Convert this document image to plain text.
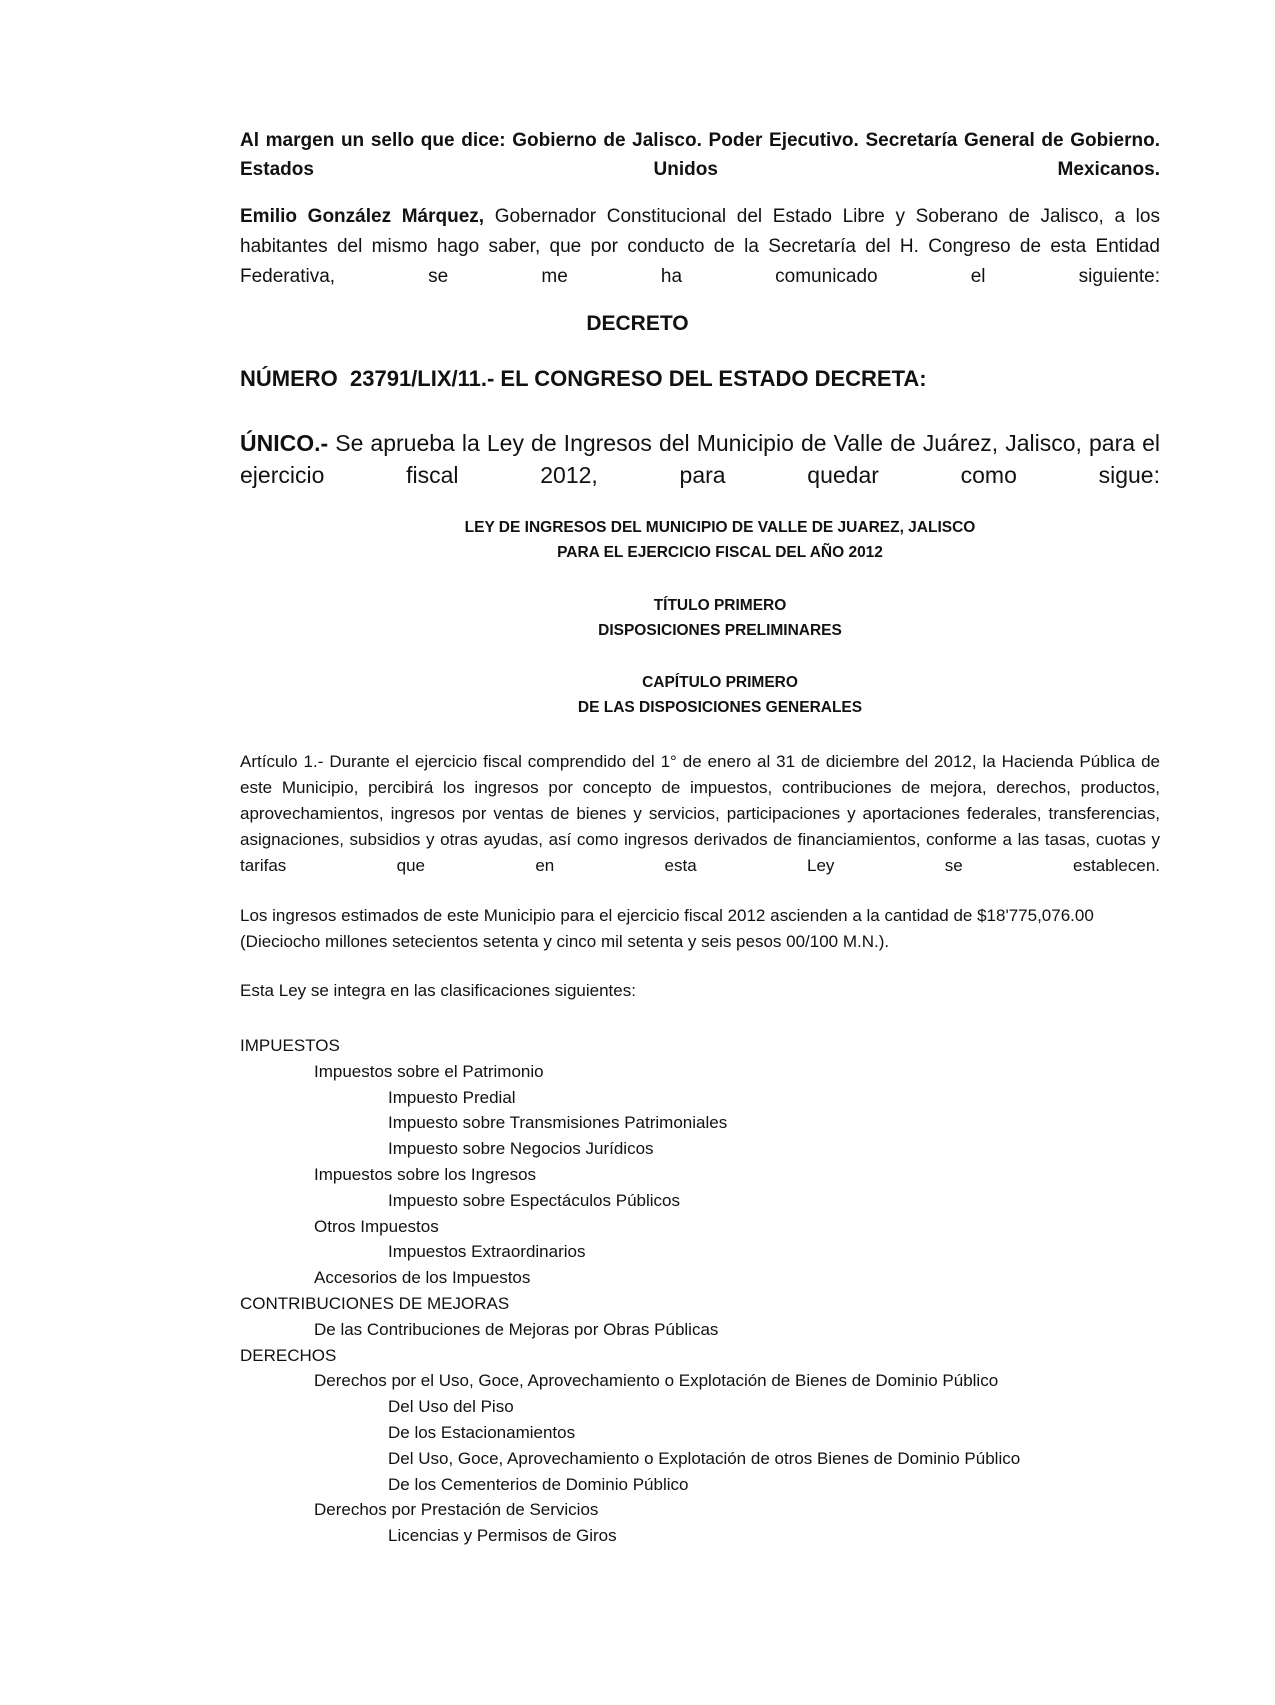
Al margen un sello que dice: Gobierno de Jalisco. Poder Ejecutivo. Secretaría General de Gobierno. Estados Unidos Mexicanos.

Emilio González Márquez, Gobernador Constitucional del Estado Libre y Soberano de Jalisco, a los habitantes del mismo hago saber, que por conducto de la Secretaría del H. Congreso de esta Entidad Federativa, se me ha comunicado el siguiente:

DECRETO
NÚMERO  23791/LIX/11.- EL CONGRESO DEL ESTADO DECRETA:

ÚNICO.- Se aprueba la Ley de Ingresos del Municipio de Valle de Juárez, Jalisco, para el ejercicio fiscal 2012, para quedar como sigue:

LEY DE INGRESOS DEL MUNICIPIO DE VALLE DE JUAREZ, JALISCO
PARA EL EJERCICIO FISCAL DEL AÑO 2012
TÍTULO PRIMERO
DISPOSICIONES PRELIMINARES
CAPÍTULO PRIMERO
DE LAS DISPOSICIONES GENERALES

Artículo 1.- Durante el ejercicio fiscal comprendido del 1° de enero al 31 de diciembre del 2012, la Hacienda Pública de este Municipio, percibirá los ingresos por concepto de impuestos, contribuciones de mejora, derechos, productos, aprovechamientos, ingresos por ventas de bienes y servicios, participaciones y aportaciones federales, transferencias, asignaciones, subsidios y otras ayudas, así como ingresos derivados de financiamientos, conforme a las tasas, cuotas y tarifas que en esta Ley se establecen.

Los ingresos estimados de este Municipio para el ejercicio fiscal 2012 ascienden a la cantidad de $18'775,076.00 (Dieciocho millones setecientos setenta y cinco mil setenta y seis pesos 00/100 M.N.).

Esta Ley se integra en las clasificaciones siguientes:
IMPUESTOS
Impuestos sobre el Patrimonio
Impuesto Predial
Impuesto sobre Transmisiones Patrimoniales
Impuesto sobre Negocios Jurídicos
Impuestos sobre los Ingresos
Impuesto sobre Espectáculos Públicos
Otros Impuestos
Impuestos Extraordinarios
Accesorios de los Impuestos
CONTRIBUCIONES DE MEJORAS
De las Contribuciones de Mejoras por Obras Públicas
DERECHOS
Derechos por el Uso, Goce, Aprovechamiento o Explotación de Bienes de Dominio Público
Del Uso del Piso
De los Estacionamientos
Del Uso, Goce, Aprovechamiento o Explotación de otros Bienes de Dominio Público
De los Cementerios de Dominio Público
Derechos por Prestación de Servicios
Licencias y Permisos de Giros
